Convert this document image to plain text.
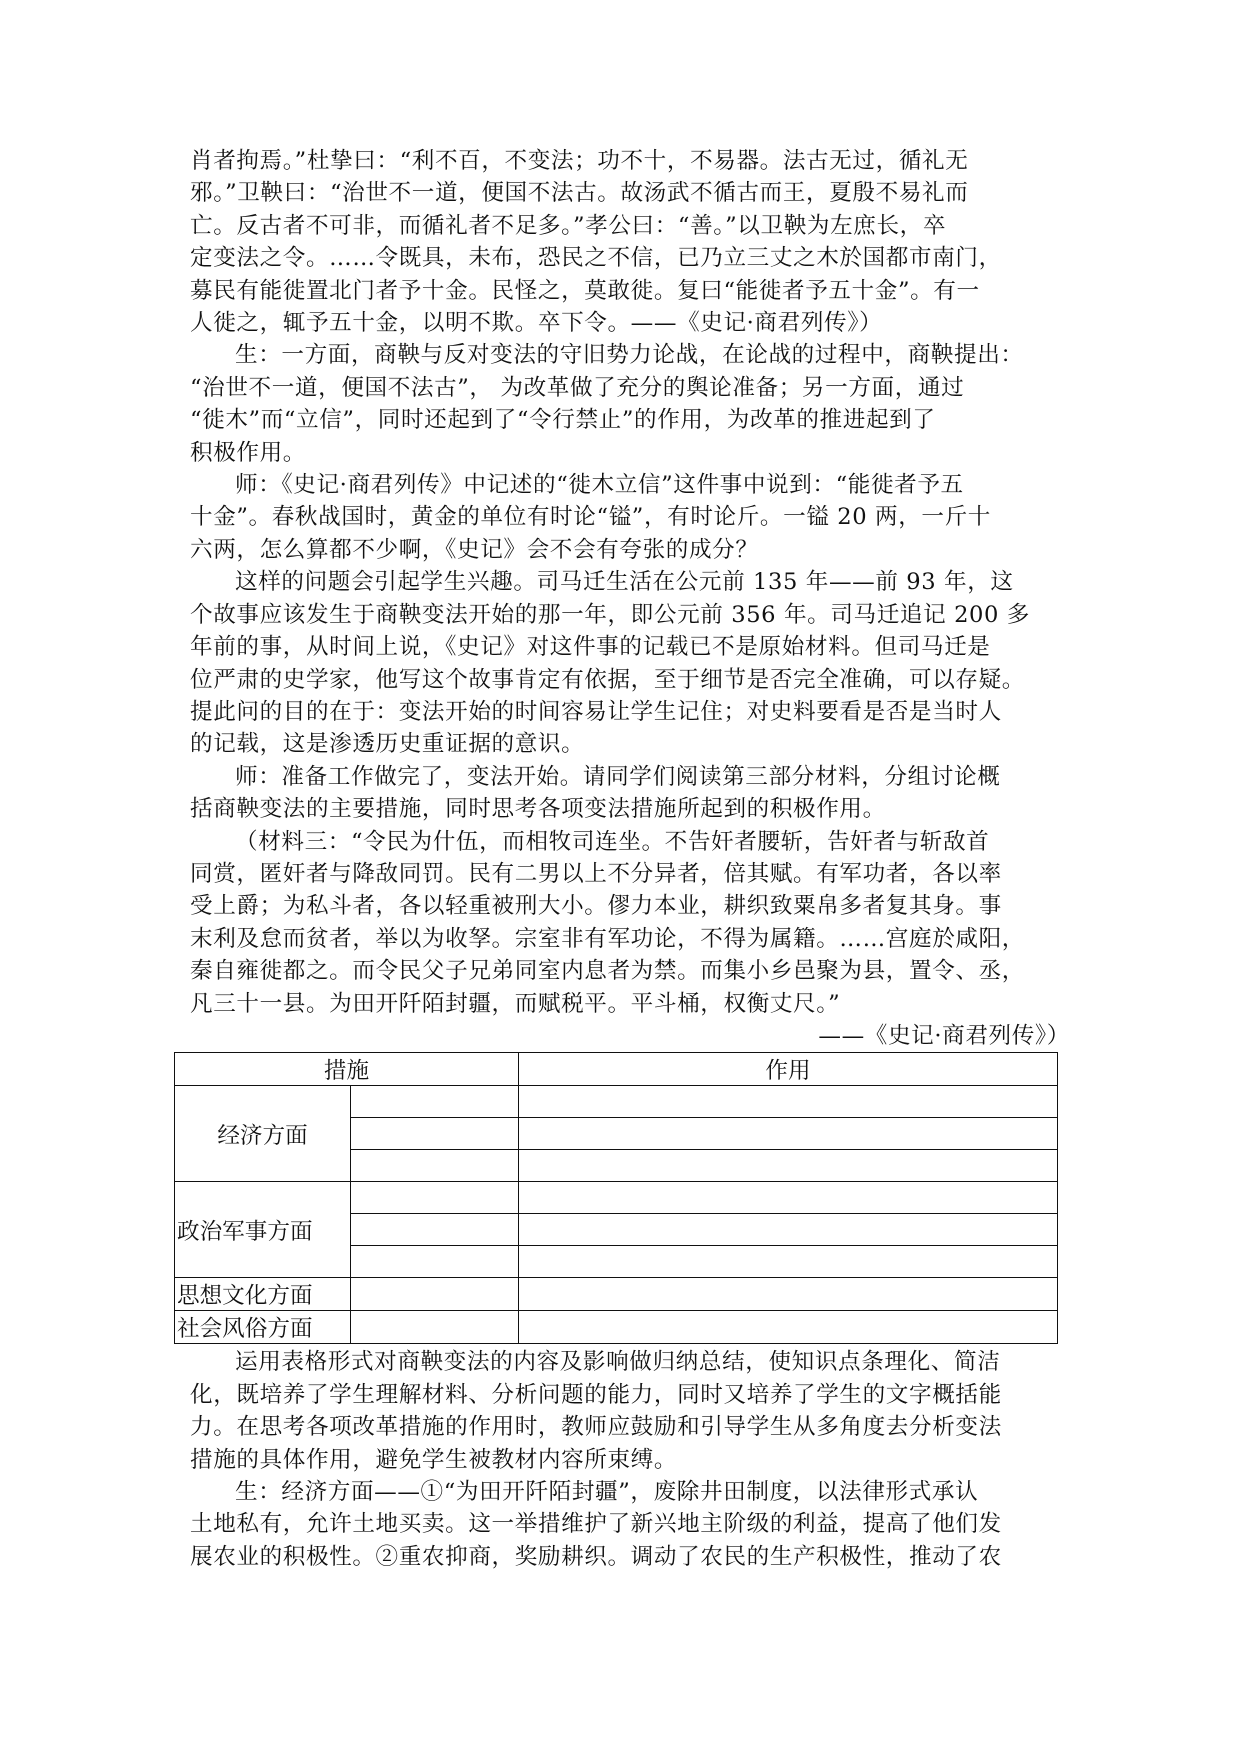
肖者拘焉。”杜挚曰：“利不百，不变法；功不十，不易器。法古无过，循礼无

邪。”卫鞅曰：“治世不一道，便国不法古。故汤武不循古而王，夏殷不易礼而

亡。反古者不可非，而循礼者不足多。”孝公曰：“善。”以卫鞅为左庶长，卒

定变法之令。……令既具，未布，恐民之不信，已乃立三丈之木於国都市南门，

募民有能徙置北门者予十金。民怪之，莫敢徙。复曰“能徙者予五十金”。有一

人徙之，辄予五十金，以明不欺。卒下令。——《史记·商君列传》）

生：一方面，商鞅与反对变法的守旧势力论战，在论战的过程中，商鞅提出：

“治世不一道，便国不法古”， 为改革做了充分的舆论准备；另一方面，通过

“徙木”而“立信”，同时还起到了“令行禁止”的作用，为改革的推进起到了

积极作用。

师：《史记·商君列传》中记述的“徙木立信”这件事中说到：“能徙者予五

十金”。春秋战国时，黄金的单位有时论“镒”，有时论斤。一镒 20 两，一斤十

六两，怎么算都不少啊，《史记》会不会有夸张的成分？

这样的问题会引起学生兴趣。司马迁生活在公元前 135 年——前 93 年，这

个故事应该发生于商鞅变法开始的那一年，即公元前 356 年。司马迁追记 200 多

年前的事，从时间上说，《史记》对这件事的记载已不是原始材料。但司马迁是

位严肃的史学家，他写这个故事肯定有依据，至于细节是否完全准确，可以存疑。

提此问的目的在于：变法开始的时间容易让学生记住；对史料要看是否是当时人

的记载，这是渗透历史重证据的意识。

师：准备工作做完了，变法开始。请同学们阅读第三部分材料，分组讨论概

括商鞅变法的主要措施，同时思考各项变法措施所起到的积极作用。

（材料三：“令民为什伍，而相牧司连坐。不告奸者腰斩，告奸者与斩敌首

同赏，匿奸者与降敌同罚。民有二男以上不分异者，倍其赋。有军功者，各以率

受上爵；为私斗者，各以轻重被刑大小。僇力本业，耕织致粟帛多者复其身。事

末利及怠而贫者，举以为收孥。宗室非有军功论，不得为属籍。……宫庭於咸阳，

秦自雍徙都之。而令民父子兄弟同室内息者为禁。而集小乡邑聚为县，置令、丞，

凡三十一县。为田开阡陌封疆，而赋税平。平斗桶，权衡丈尺。”

——《史记·商君列传》）

措施		作用
经济方面		

政治军事方面		

思想文化方面		
社会风俗方面		

运用表格形式对商鞅变法的内容及影响做归纳总结，使知识点条理化、简洁

化，既培养了学生理解材料、分析问题的能力，同时又培养了学生的文字概括能

力。在思考各项改革措施的作用时，教师应鼓励和引导学生从多角度去分析变法

措施的具体作用，避免学生被教材内容所束缚。

生：经济方面——①“为田开阡陌封疆”，废除井田制度，以法律形式承认

土地私有，允许土地买卖。这一举措维护了新兴地主阶级的利益，提高了他们发

展农业的积极性。②重农抑商，奖励耕织。调动了农民的生产积极性，推动了农
